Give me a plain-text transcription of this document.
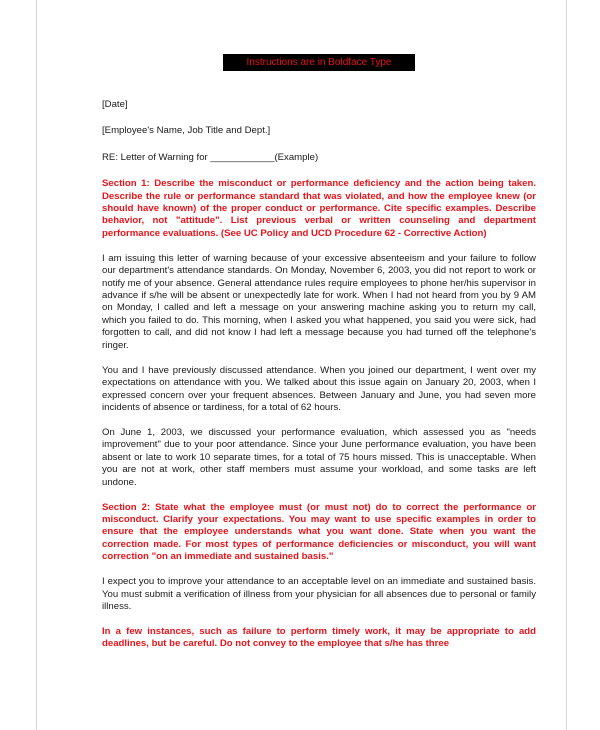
Instructions are in Boldface Type

[Date]

[Employee's Name, Job Title and Dept.]

RE: Letter of Warning for ____________(Example)

Section 1: Describe the misconduct or performance deficiency and the action being taken. Describe the rule or performance standard that was violated, and how the employee knew (or should have known) of the proper conduct or performance. Cite specific examples. Describe behavior, not "attitude". List previous verbal or written counseling and department performance evaluations. (See UC Policy and UCD Procedure 62 - Corrective Action)

I am issuing this letter of warning because of your excessive absenteeism and your failure to follow our department's attendance standards. On Monday, November 6, 2003, you did not report to work or notify me of your absence. General attendance rules require employees to phone her/his supervisor in advance if s/he will be absent or unexpectedly late for work. When I had not heard from you by 9 AM on Monday, I called and left a message on your answering machine asking you to return my call, which you failed to do. This morning, when I asked you what happened, you said you were sick, had forgotten to call, and did not know I had left a message because you had turned off the telephone's ringer.

You and I have previously discussed attendance. When you joined our department, I went over my expectations on attendance with you. We talked about this issue again on January 20, 2003, when I expressed concern over your frequent absences. Between January and June, you had seven more incidents of absence or tardiness, for a total of 62 hours.

On June 1, 2003, we discussed your performance evaluation, which assessed you as "needs improvement" due to your poor attendance. Since your June performance evaluation, you have been absent or late to work 10 separate times, for a total of 75 hours missed. This is unacceptable. When you are not at work, other staff members must assume your workload, and some tasks are left undone.

Section 2: State what the employee must (or must not) do to correct the performance or misconduct. Clarify your expectations. You may want to use specific examples in order to ensure that the employee understands what you want done. State when you want the correction made. For most types of performance deficiencies or misconduct, you will want correction "on an immediate and sustained basis."

I expect you to improve your attendance to an acceptable level on an immediate and sustained basis. You must submit a verification of illness from your physician for all absences due to personal or family illness.

In a few instances, such as failure to perform timely work, it may be appropriate to add deadlines, but be careful. Do not convey to the employee that s/he has three
